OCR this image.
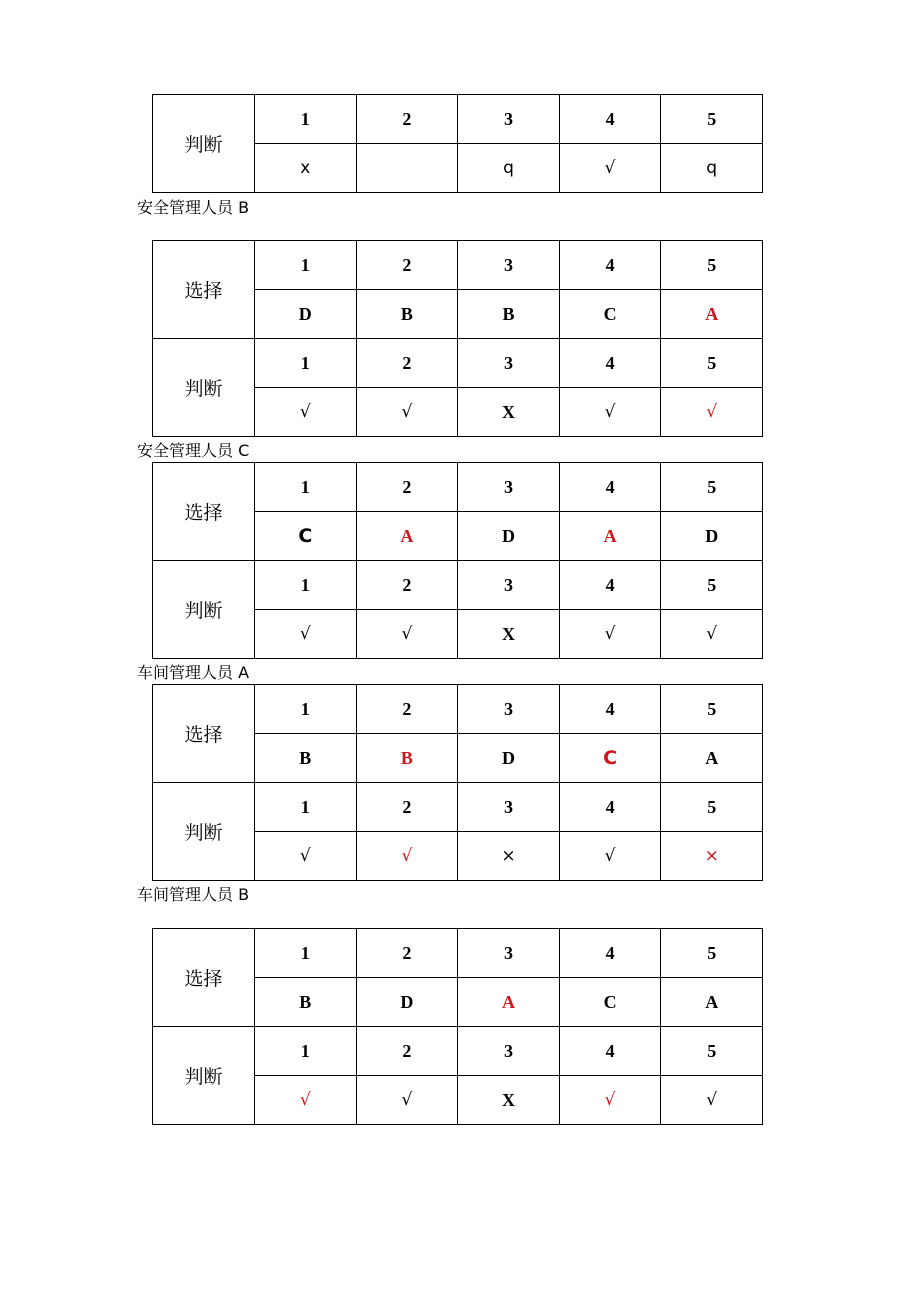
判断	1	2	3	4	5
	x		q	√	q
安全管理人员 B
选择	1	2	3	4	5
	D	B	B	C	A
判断	1	2	3	4	5
	√	√	X	√	√
安全管理人员 C
选择	1	2	3	4	5
	C	A	D	A	D
判断	1	2	3	4	5
	√	√	X	√	√
车间管理人员 A
选择	1	2	3	4	5
	B	B	D	C	A
判断	1	2	3	4	5
	√	√	×	√	×
车间管理人员 B
选择	1	2	3	4	5
	B	D	A	C	A
判断	1	2	3	4	5
	√	√	X	√	√
